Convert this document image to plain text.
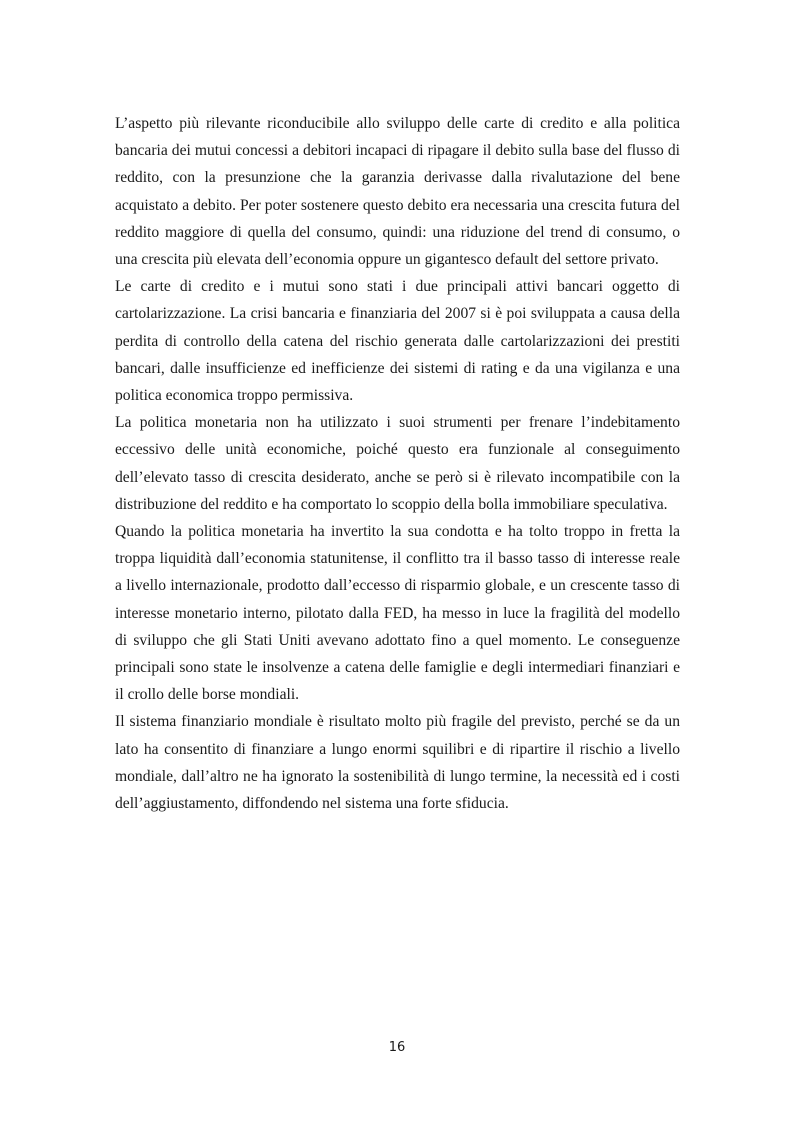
L’aspetto più rilevante riconducibile allo sviluppo delle carte di credito e alla politica bancaria dei mutui concessi a debitori incapaci di ripagare il debito sulla base del flusso di reddito, con la presunzione che la garanzia derivasse dalla rivalutazione del bene acquistato a debito. Per poter sostenere questo debito era necessaria una crescita futura del reddito maggiore di quella del consumo, quindi: una riduzione del trend di consumo, o una crescita più elevata dell’economia oppure un gigantesco default del settore privato.

Le carte di credito e i mutui sono stati i due principali attivi bancari oggetto di cartolarizzazione. La crisi bancaria e finanziaria del 2007 si è poi sviluppata a causa della perdita di controllo della catena del rischio generata dalle cartolarizzazioni dei prestiti bancari, dalle insufficienze ed inefficienze dei sistemi di rating e da una vigilanza e una politica economica troppo permissiva.

La politica monetaria non ha utilizzato i suoi strumenti per frenare l’indebitamento eccessivo delle unità economiche, poiché questo era funzionale al conseguimento dell’elevato tasso di crescita desiderato, anche se però si è rilevato incompatibile con la distribuzione del reddito e ha comportato lo scoppio della bolla immobiliare speculativa.

Quando la politica monetaria ha invertito la sua condotta e ha tolto troppo in fretta la troppa liquidità dall’economia statunitense, il conflitto tra il basso tasso di interesse reale a livello internazionale, prodotto dall’eccesso di risparmio globale, e un crescente tasso di interesse monetario interno, pilotato dalla FED, ha messo in luce la fragilità del modello di sviluppo che gli Stati Uniti avevano adottato fino a quel momento. Le conseguenze principali sono state le insolvenze a catena delle famiglie e degli intermediari finanziari e il crollo delle borse mondiali.

Il sistema finanziario mondiale è risultato molto più fragile del previsto, perché se da un lato ha consentito di finanziare a lungo enormi squilibri e di ripartire il rischio a livello mondiale, dall’altro ne ha ignorato la sostenibilità di lungo termine, la necessità ed i costi dell’aggiustamento, diffondendo nel sistema una forte sfiducia.

16
